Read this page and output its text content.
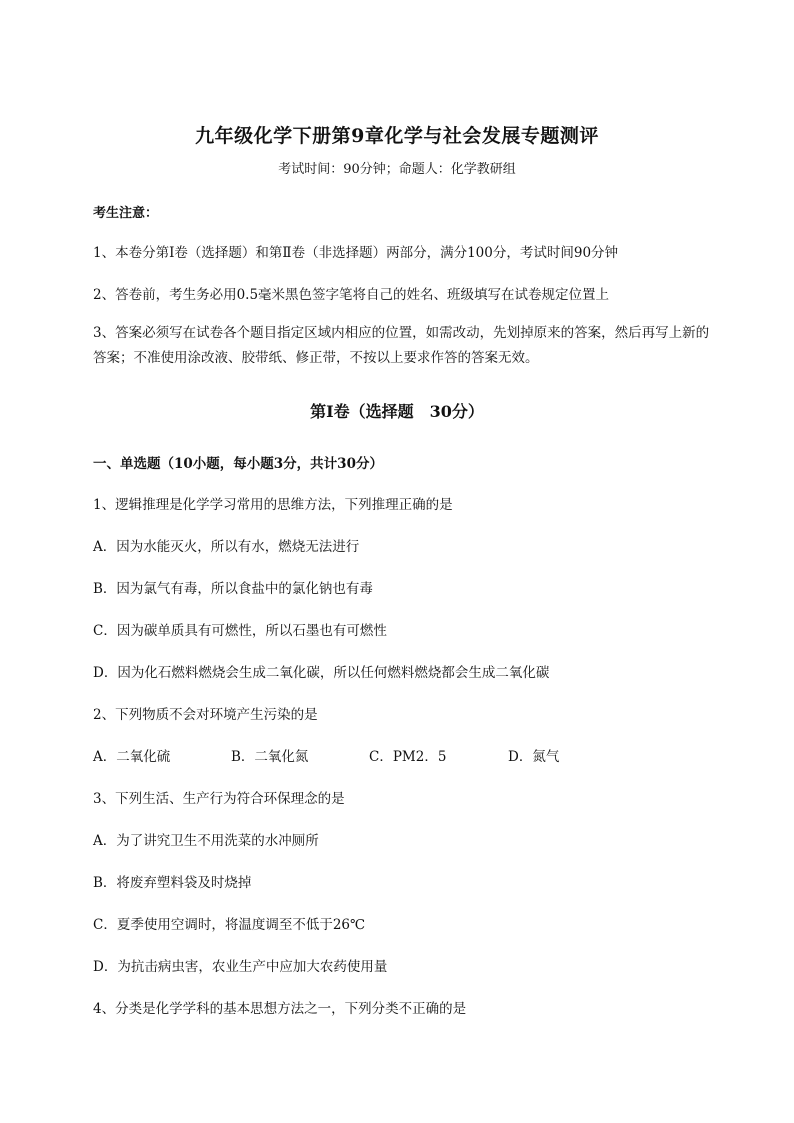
九年级化学下册第9章化学与社会发展专题测评
考试时间：90分钟；命题人：化学教研组
考生注意：
1、本卷分第I卷（选择题）和第Ⅱ卷（非选择题）两部分，满分100分，考试时间90分钟
2、答卷前，考生务必用0.5毫米黑色签字笔将自己的姓名、班级填写在试卷规定位置上
3、答案必须写在试卷各个题目指定区域内相应的位置，如需改动，先划掉原来的答案，然后再写上新的答案；不准使用涂改液、胶带纸、修正带，不按以上要求作答的答案无效。
第I卷（选择题　30分）
一、单选题（10小题，每小题3分，共计30分）
1、逻辑推理是化学学习常用的思维方法，下列推理正确的是
A．因为水能灭火，所以有水，燃烧无法进行
B．因为氯气有毒，所以食盐中的氯化钠也有毒
C．因为碳单质具有可燃性，所以石墨也有可燃性
D．因为化石燃料燃烧会生成二氧化碳，所以任何燃料燃烧都会生成二氧化碳
2、下列物质不会对环境产生污染的是
A．二氧化硫	B．二氧化氮	C．PM2．5	D．氮气
3、下列生活、生产行为符合环保理念的是
A．为了讲究卫生不用洗菜的水冲厕所
B．将废弃塑料袋及时烧掉
C．夏季使用空调时，将温度调至不低于26℃
D．为抗击病虫害，农业生产中应加大农药使用量
4、分类是化学学科的基本思想方法之一，下列分类不正确的是
